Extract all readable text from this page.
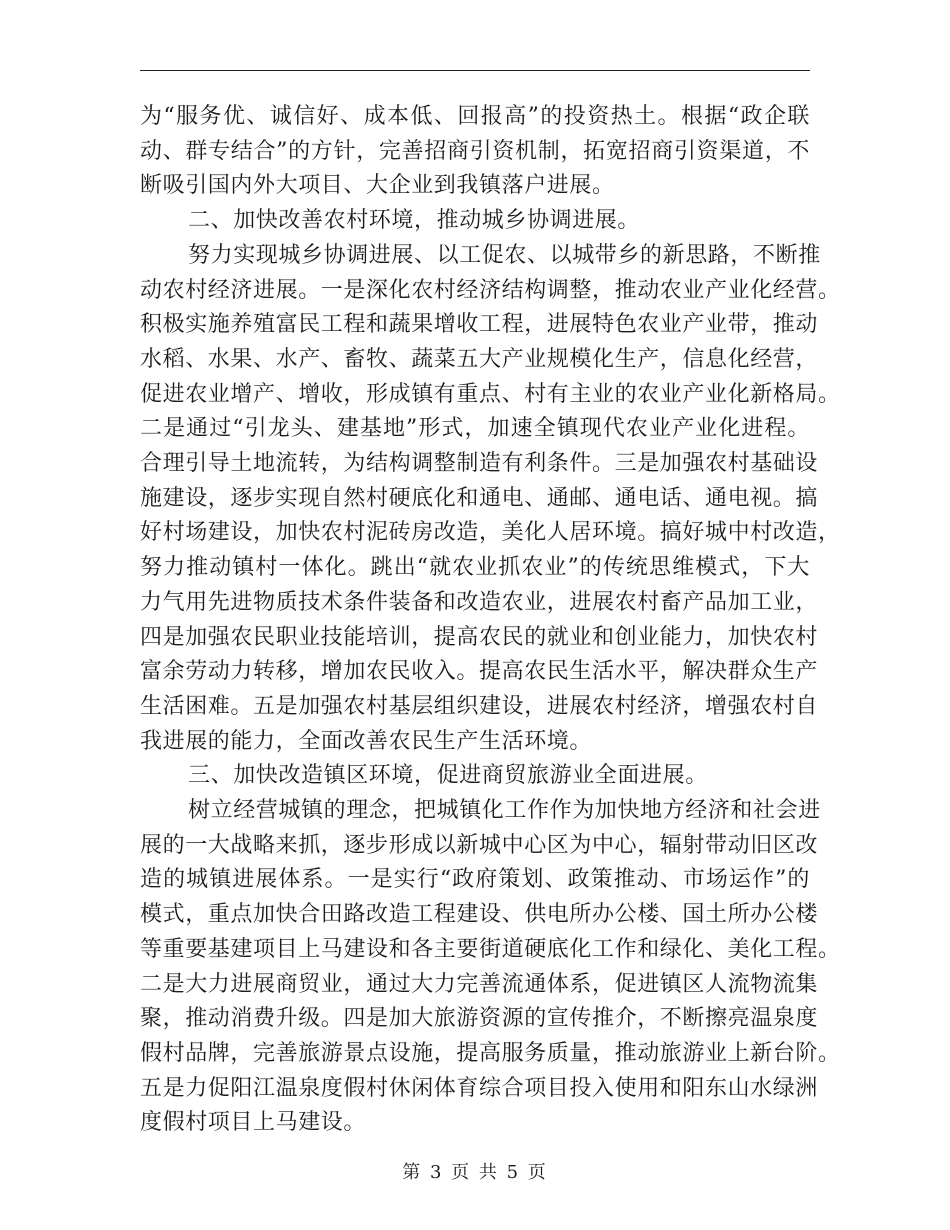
为“服务优、诚信好、成本低、回报高”的投资热土。根据“政企联
动、群专结合”的方针，完善招商引资机制，拓宽招商引资渠道，不
断吸引国内外大项目、大企业到我镇落户进展。
二、加快改善农村环境，推动城乡协调进展。
努力实现城乡协调进展、以工促农、以城带乡的新思路，不断推
动农村经济进展。一是深化农村经济结构调整，推动农业产业化经营。
积极实施养殖富民工程和蔬果增收工程，进展特色农业产业带，推动
水稻、水果、水产、畜牧、蔬菜五大产业规模化生产，信息化经营，
促进农业增产、增收，形成镇有重点、村有主业的农业产业化新格局。
二是通过“引龙头、建基地”形式，加速全镇现代农业产业化进程。
合理引导土地流转，为结构调整制造有利条件。三是加强农村基础设
施建设，逐步实现自然村硬底化和通电、通邮、通电话、通电视。搞
好村场建设，加快农村泥砖房改造，美化人居环境。搞好城中村改造，
努力推动镇村一体化。跳出“就农业抓农业”的传统思维模式，下大
力气用先进物质技术条件装备和改造农业，进展农村畜产品加工业，
四是加强农民职业技能培训，提高农民的就业和创业能力，加快农村
富余劳动力转移，增加农民收入。提高农民生活水平，解决群众生产
生活困难。五是加强农村基层组织建设，进展农村经济，增强农村自
我进展的能力，全面改善农民生产生活环境。
三、加快改造镇区环境，促进商贸旅游业全面进展。
树立经营城镇的理念，把城镇化工作作为加快地方经济和社会进
展的一大战略来抓，逐步形成以新城中心区为中心，辐射带动旧区改
造的城镇进展体系。一是实行“政府策划、政策推动、市场运作”的
模式，重点加快合田路改造工程建设、供电所办公楼、国土所办公楼
等重要基建项目上马建设和各主要街道硬底化工作和绿化、美化工程。
二是大力进展商贸业，通过大力完善流通体系，促进镇区人流物流集
聚，推动消费升级。四是加大旅游资源的宣传推介，不断擦亮温泉度
假村品牌，完善旅游景点设施，提高服务质量，推动旅游业上新台阶。
五是力促阳江温泉度假村休闲体育综合项目投入使用和阳东山水绿洲
度假村项目上马建设。
第 3 页 共 5 页
